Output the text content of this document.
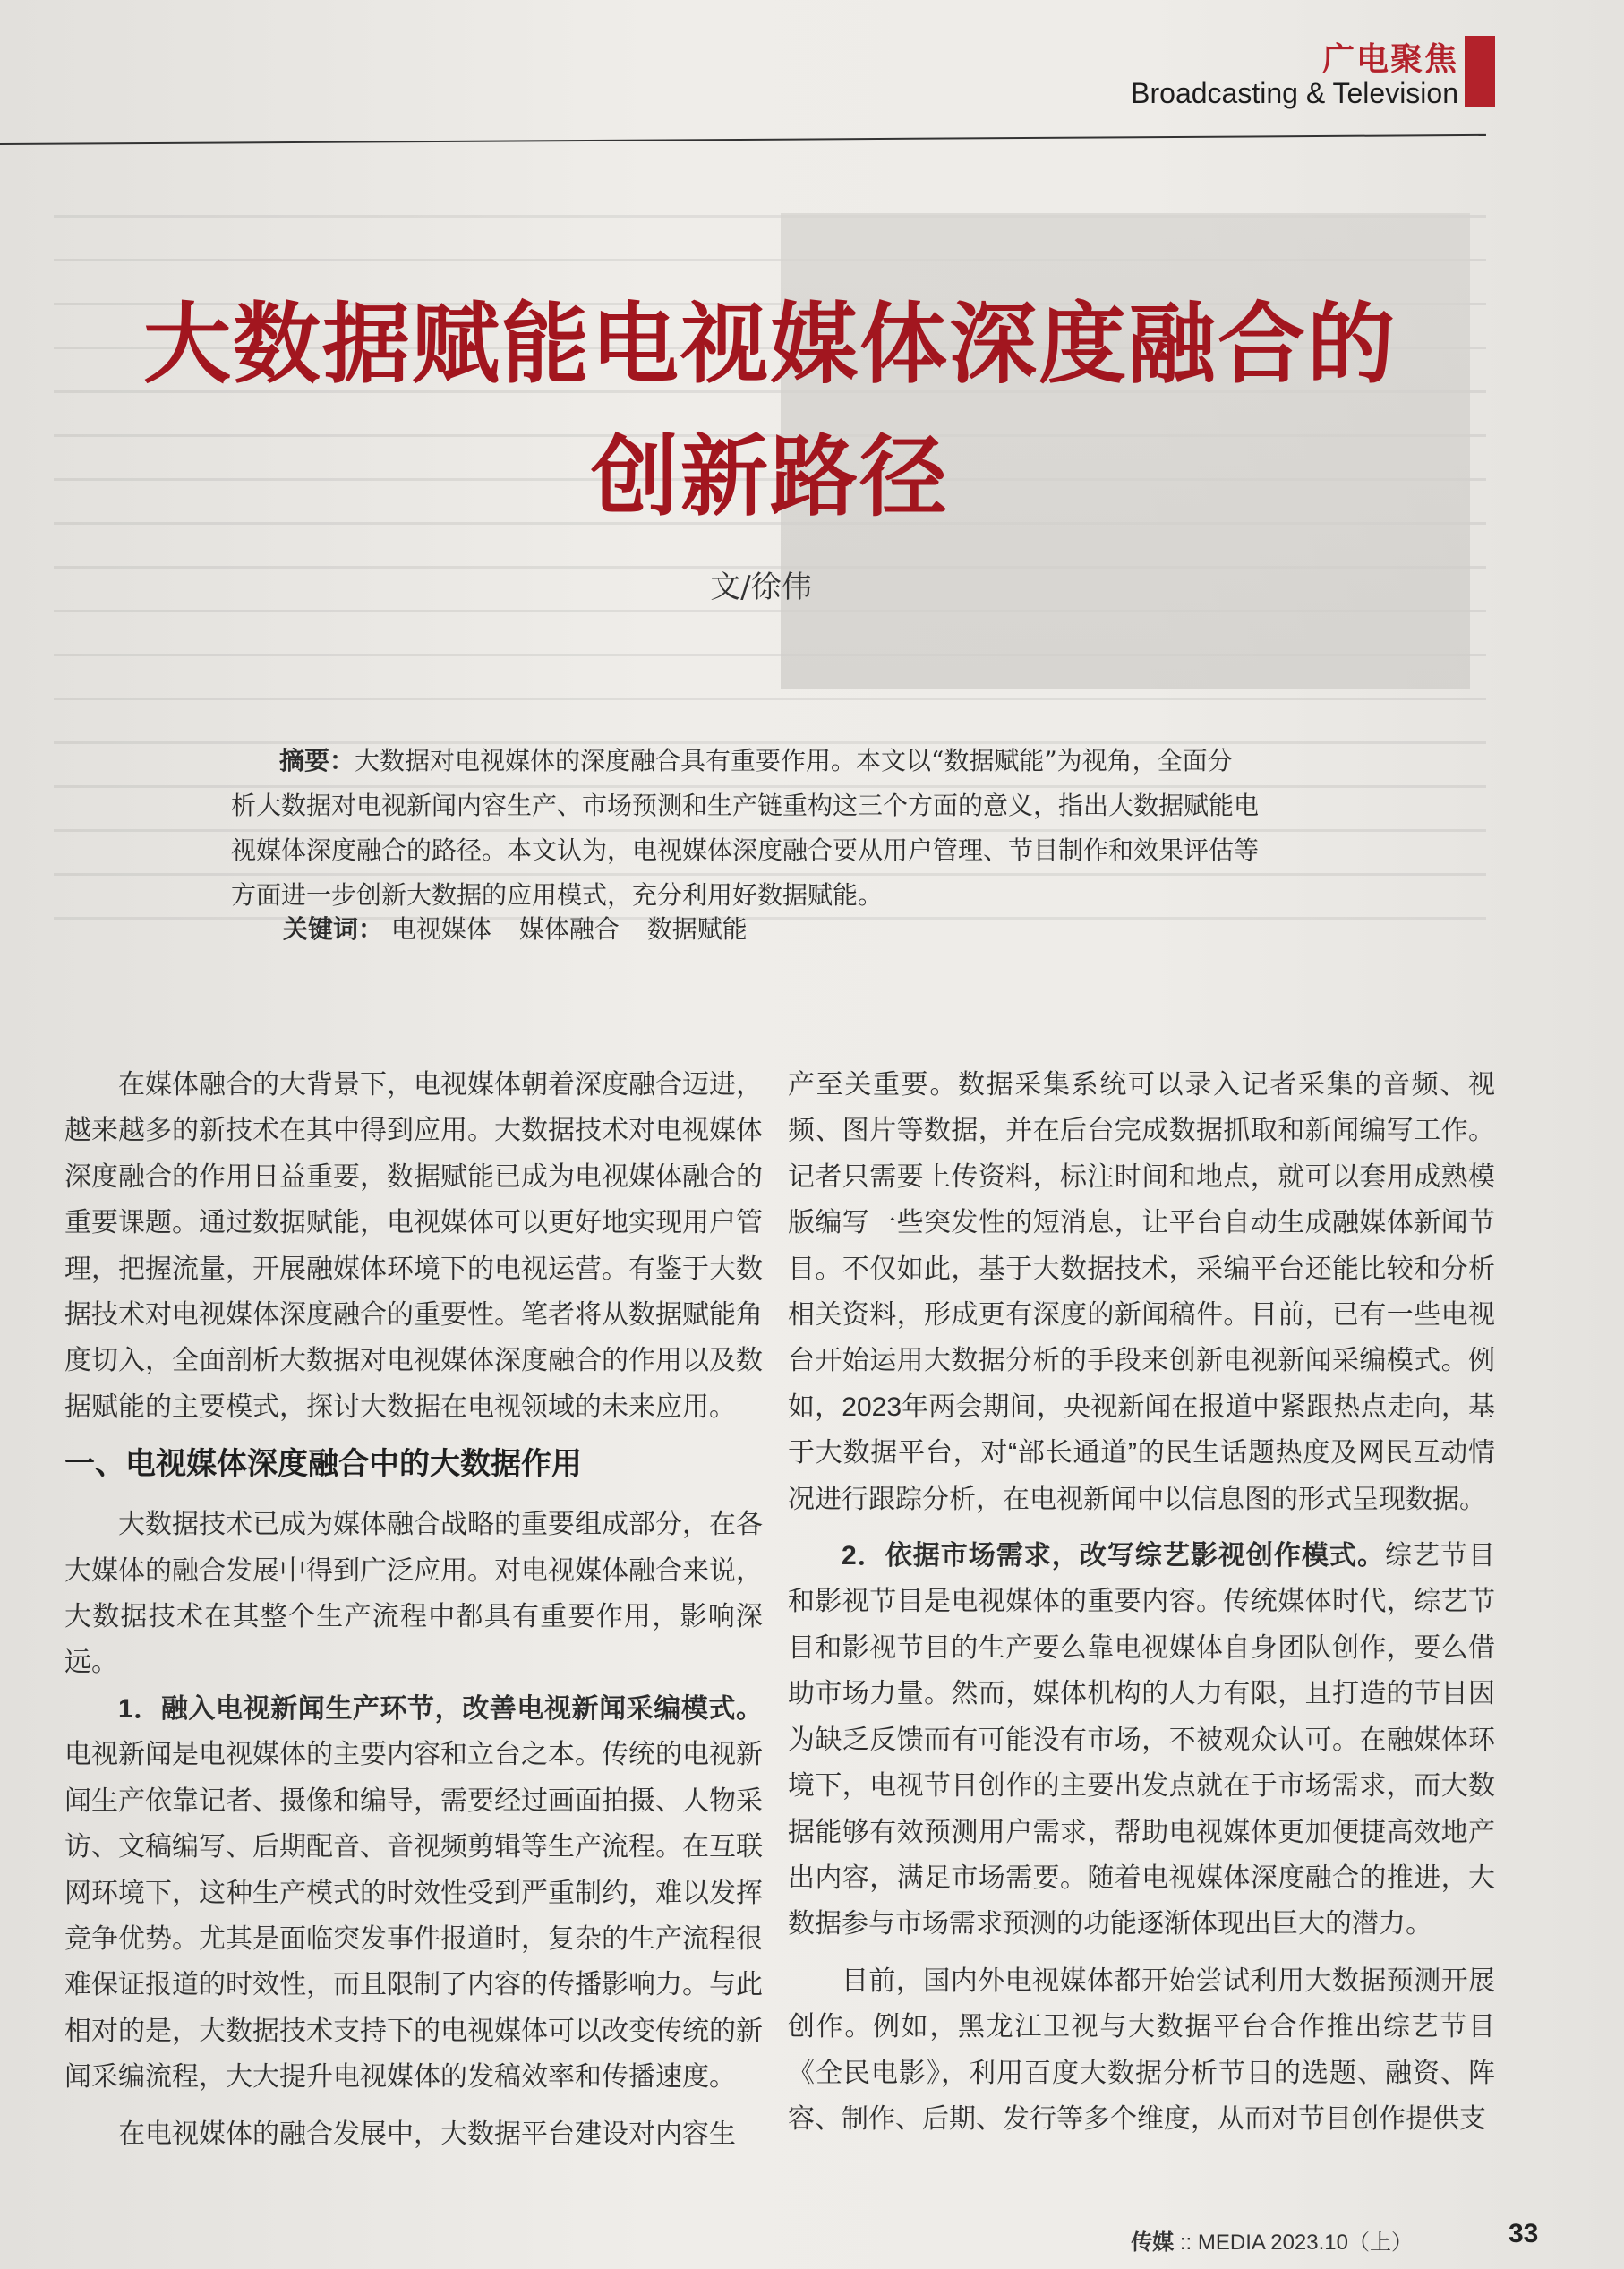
广电聚焦
Broadcasting & Television
大数据赋能电视媒体深度融合的
创新路径
文/徐伟

摘要：大数据对电视媒体的深度融合具有重要作用。本文以“数据赋能”为视角，全面分

析大数据对电视新闻内容生产、市场预测和生产链重构这三个方面的意义，指出大数据赋能电

视媒体深度融合的路径。本文认为，电视媒体深度融合要从用户管理、节目制作和效果评估等

方面进一步创新大数据的应用模式，充分利用好数据赋能。

关键词： 电视媒体 媒体融合 数据赋能

在媒体融合的大背景下，电视媒体朝着深度融合迈进，越来越多的新技术在其中得到应用。大数据技术对电视媒体深度融合的作用日益重要，数据赋能已成为电视媒体融合的重要课题。通过数据赋能，电视媒体可以更好地实现用户管理，把握流量，开展融媒体环境下的电视运营。有鉴于大数据技术对电视媒体深度融合的重要性。笔者将从数据赋能角度切入，全面剖析大数据对电视媒体深度融合的作用以及数据赋能的主要模式，探讨大数据在电视领域的未来应用。

一、电视媒体深度融合中的大数据作用

大数据技术已成为媒体融合战略的重要组成部分，在各大媒体的融合发展中得到广泛应用。对电视媒体融合来说，大数据技术在其整个生产流程中都具有重要作用，影响深远。

1．融入电视新闻生产环节，改善电视新闻采编模式。电视新闻是电视媒体的主要内容和立台之本。传统的电视新闻生产依靠记者、摄像和编导，需要经过画面拍摄、人物采访、文稿编写、后期配音、音视频剪辑等生产流程。在互联网环境下，这种生产模式的时效性受到严重制约，难以发挥竞争优势。尤其是面临突发事件报道时，复杂的生产流程很难保证报道的时效性，而且限制了内容的传播影响力。与此相对的是，大数据技术支持下的电视媒体可以改变传统的新闻采编流程，大大提升电视媒体的发稿效率和传播速度。

在电视媒体的融合发展中，大数据平台建设对内容生

产至关重要。数据采集系统可以录入记者采集的音频、视频、图片等数据，并在后台完成数据抓取和新闻编写工作。记者只需要上传资料，标注时间和地点，就可以套用成熟模版编写一些突发性的短消息，让平台自动生成融媒体新闻节目。不仅如此，基于大数据技术，采编平台还能比较和分析相关资料，形成更有深度的新闻稿件。目前，已有一些电视台开始运用大数据分析的手段来创新电视新闻采编模式。例如，2023年两会期间，央视新闻在报道中紧跟热点走向，基于大数据平台，对“部长通道”的民生话题热度及网民互动情况进行跟踪分析，在电视新闻中以信息图的形式呈现数据。

2．依据市场需求，改写综艺影视创作模式。综艺节目和影视节目是电视媒体的重要内容。传统媒体时代，综艺节目和影视节目的生产要么靠电视媒体自身团队创作，要么借助市场力量。然而，媒体机构的人力有限，且打造的节目因为缺乏反馈而有可能没有市场，不被观众认可。在融媒体环境下，电视节目创作的主要出发点就在于市场需求，而大数据能够有效预测用户需求，帮助电视媒体更加便捷高效地产出内容，满足市场需要。随着电视媒体深度融合的推进，大数据参与市场需求预测的功能逐渐体现出巨大的潜力。

目前，国内外电视媒体都开始尝试利用大数据预测开展创作。例如，黑龙江卫视与大数据平台合作推出综艺节目《全民电影》，利用百度大数据分析节目的选题、融资、阵容、制作、后期、发行等多个维度，从而对节目创作提供支

传媒 :: MEDIA 2023.10（上）	33
